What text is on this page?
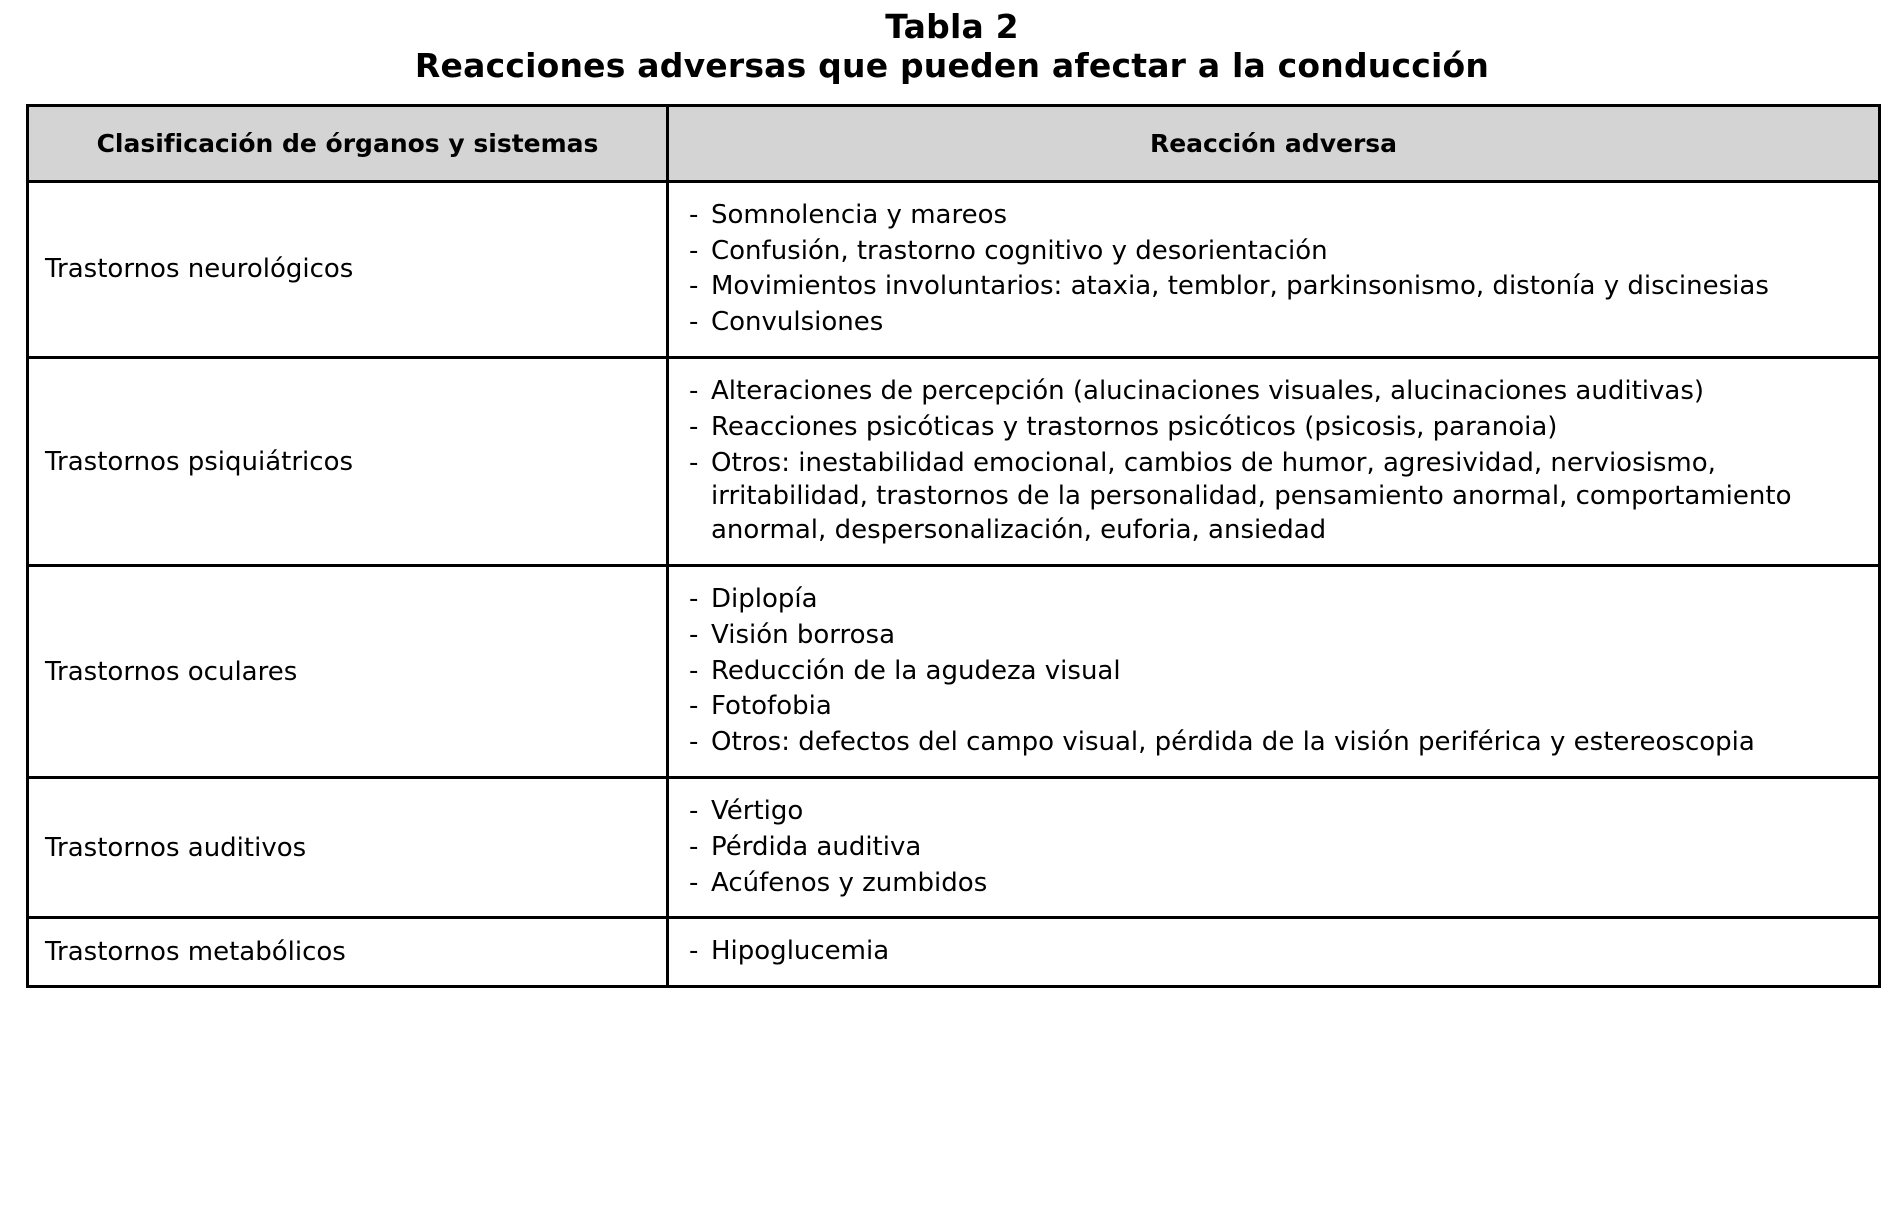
Tabla 2
Reacciones adversas que pueden afectar a la conducción
Clasificación de órganos y sistemas	Reacción adversa
Trastornos neurológicos	
- Somnolencia y mareos
- Confusión, trastorno cognitivo y desorientación
- Movimientos involuntarios: ataxia, temblor, parkinsonismo, distonía y discinesias
- Convulsiones

Trastornos psiquiátricos	
- Alteraciones de percepción (alucinaciones visuales, alucinaciones auditivas)
- Reacciones psicóticas y trastornos psicóticos (psicosis, paranoia)
- Otros: inestabilidad emocional, cambios de humor, agresividad, nerviosismo, irritabilidad, trastornos de la personalidad, pensamiento anormal, comportamiento anormal, despersonalización, euforia, ansiedad

Trastornos oculares	
- Diplopía
- Visión borrosa
- Reducción de la agudeza visual
- Fotofobia
- Otros: defectos del campo visual, pérdida de la visión periférica y estereoscopia

Trastornos auditivos	
- Vértigo
- Pérdida auditiva
- Acúfenos y zumbidos

Trastornos metabólicos	
-Hipoglucemia
